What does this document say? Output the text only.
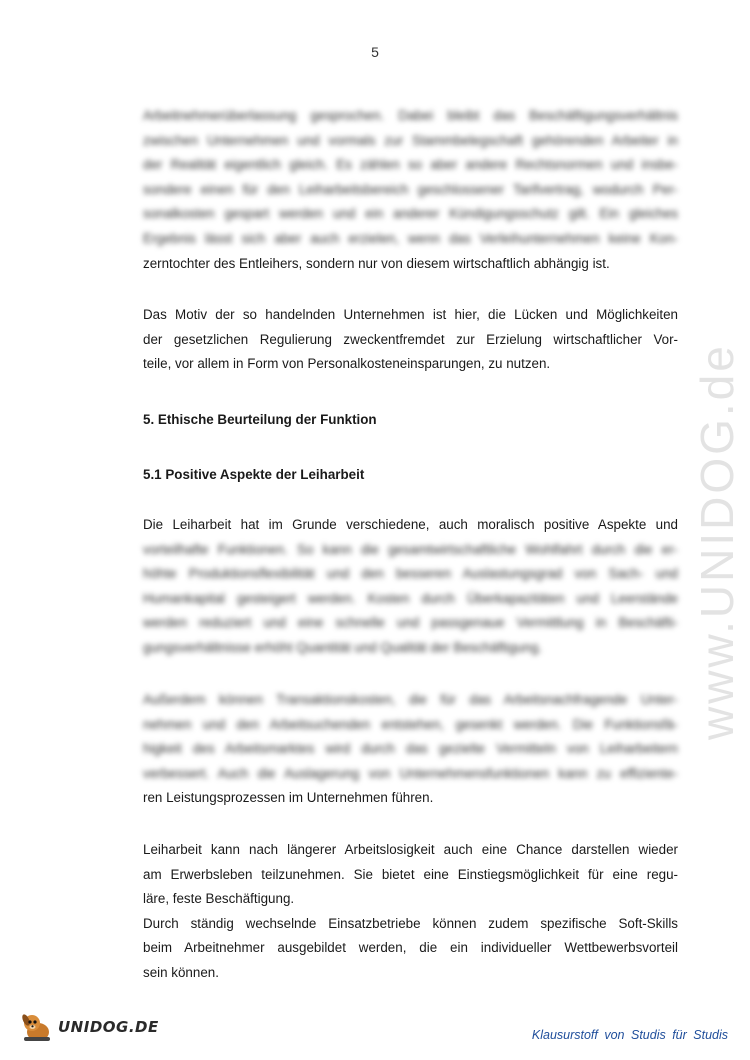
5
Arbeitnehmerüberlassung gesprochen. Dabei bleibt das Beschäftigungsverhältnis
zwischen Unternehmen und vormals zur Stammbelegschaft gehörenden Arbeiter in
der Realität eigentlich gleich. Es zählen so aber andere Rechtsnormen und insbe-
sondere einen für den Leiharbeitsbereich geschlossener Tarifvertrag, wodurch Per-
sonalkosten gespart werden und ein anderer Kündigungsschutz gilt. Ein gleiches
Ergebnis lässt sich aber auch erzielen, wenn das Verleihunternehmen keine Kon-
zerntochter des Entleihers, sondern nur von diesem wirtschaftlich abhängig ist.
Das Motiv der so handelnden Unternehmen ist hier, die Lücken und Möglichkeiten
der gesetzlichen Regulierung zweckentfremdet zur Erzielung wirtschaftlicher Vor-
teile, vor allem in Form von Personalkosteneinsparungen, zu nutzen.
5. Ethische Beurteilung der Funktion
5.1 Positive Aspekte der Leiharbeit
Die Leiharbeit hat im Grunde verschiedene, auch moralisch positive Aspekte und
vorteilhafte Funktionen. So kann die gesamtwirtschaftliche Wohlfahrt durch die er-
höhte Produktionsflexibilität und den besseren Auslastungsgrad von Sach- und
Humankapital gesteigert werden. Kosten durch Überkapazitäten und Leerstände
werden reduziert und eine schnelle und passgenaue Vermittlung in Beschäfti-
gungsverhältnisse erhöht Quantität und Qualität der Beschäftigung.
Außerdem können Transaktionskosten, die für das Arbeitsnachfragende Unter-
nehmen und den Arbeitsuchenden entstehen, gesenkt werden. Die Funktionsfä-
higkeit des Arbeitsmarktes wird durch das gezielte Vermitteln von Leiharbeitern
verbessert. Auch die Auslagerung von Unternehmensfunktionen kann zu effiziente-
ren Leistungsprozessen im Unternehmen führen.
Leiharbeit kann nach längerer Arbeitslosigkeit auch eine Chance darstellen wieder
am Erwerbsleben teilzunehmen. Sie bietet eine Einstiegsmöglichkeit für eine regu-
läre, feste Beschäftigung.
Durch ständig wechselnde Einsatzbetriebe können zudem spezifische Soft-Skills
beim Arbeitnehmer ausgebildet werden, die ein individueller Wettbewerbsvorteil
sein können.
www.UNIDOG.de
UNIDOG.DE	Klausurstoff von Studis für Studis
